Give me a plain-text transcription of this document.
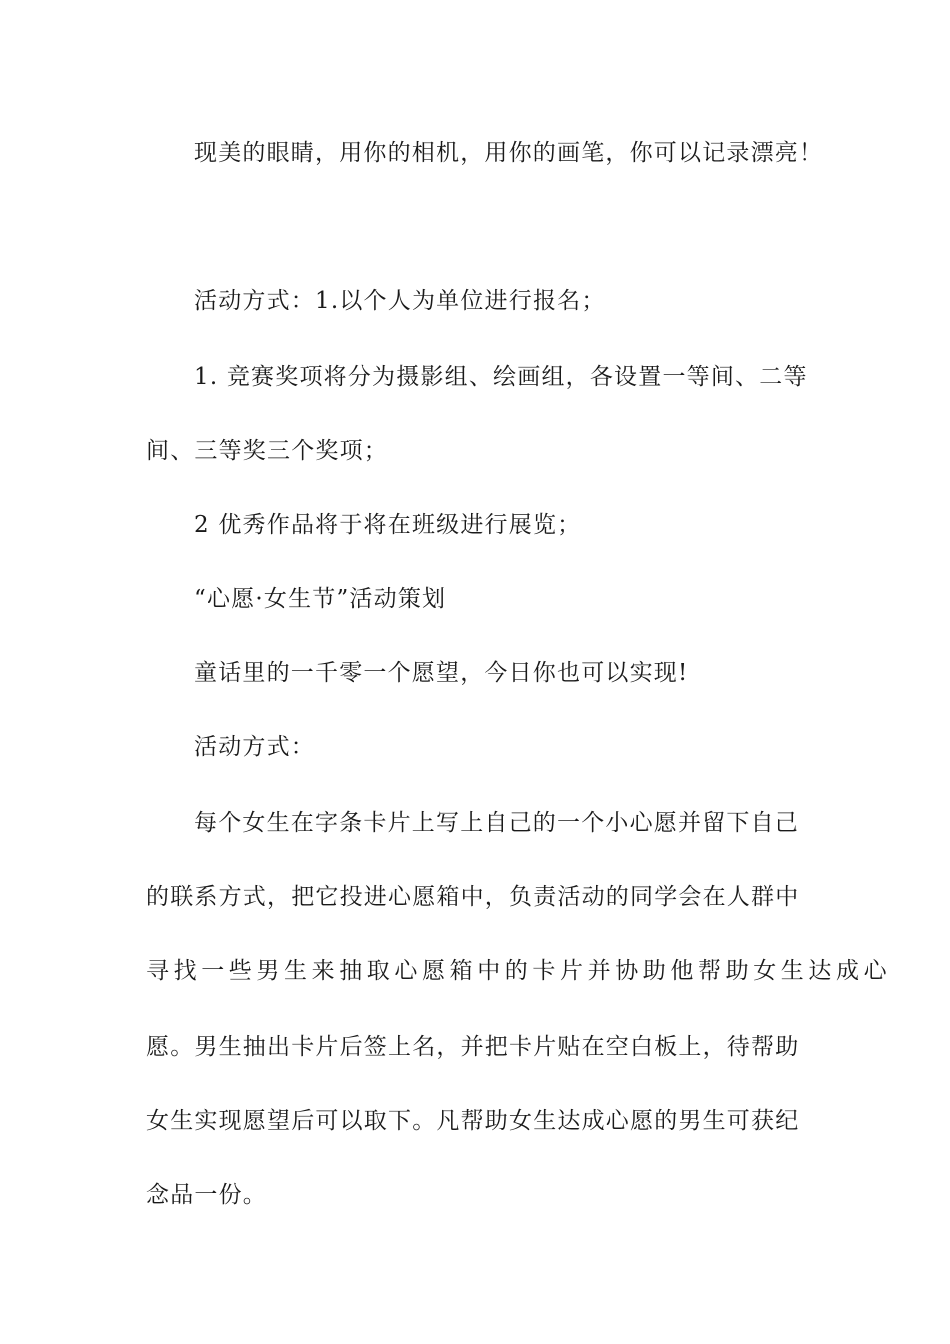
现美的眼睛，用你的相机，用你的画笔，你可以记录漂亮！
活动方式：1.以个人为单位进行报名；
1. 竞赛奖项将分为摄影组、绘画组，各设置一等间、二等
间、三等奖三个奖项；
2 优秀作品将于将在班级进行展览；
“心愿·女生节”活动策划
童话里的一千零一个愿望，今日你也可以实现!
活动方式：
每个女生在字条卡片上写上自己的一个小心愿并留下自己
的联系方式，把它投进心愿箱中，负责活动的同学会在人群中
寻找一些男生来抽取心愿箱中的卡片并协助他帮助女生达成心
愿。男生抽出卡片后签上名，并把卡片贴在空白板上，待帮助
女生实现愿望后可以取下。凡帮助女生达成心愿的男生可获纪
念品一份。
